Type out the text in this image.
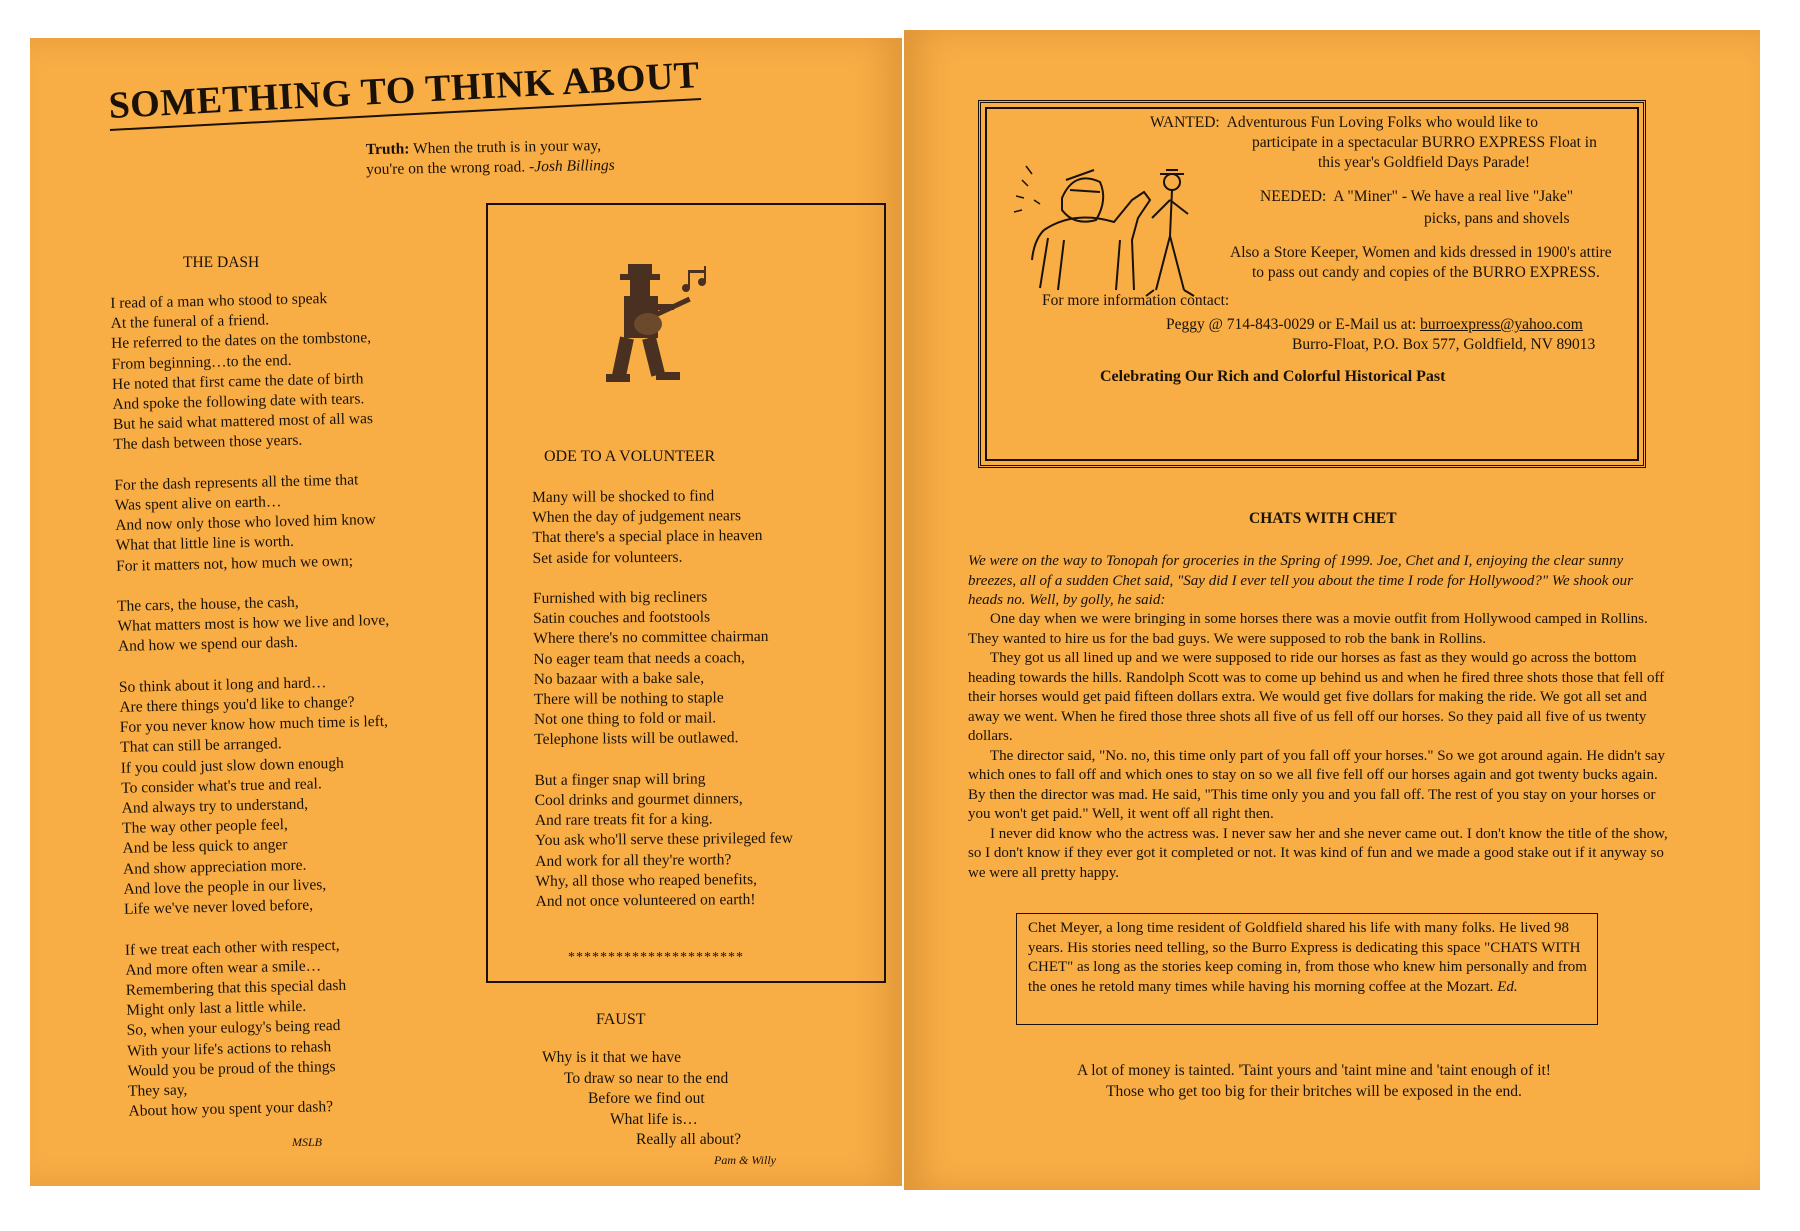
SOMETHING TO THINK ABOUT
Truth: When the truth is in your way,
you're on the wrong road. -Josh Billings
THE DASH
I read of a man who stood to speak
At the funeral of a friend.
He referred to the dates on the tombstone,
From beginning…to the end.
He noted that first came the date of birth
And spoke the following date with tears.
But he said what mattered most of all was
The dash between those years.

For the dash represents all the time that
Was spent alive on earth…
And now only those who loved him know
What that little line is worth.
For it matters not, how much we own;

The cars, the house, the cash,
What matters most is how we live and love,
And how we spend our dash.

So think about it long and hard…
Are there things you'd like to change?
For you never know how much time is left,
That can still be arranged.
If you could just slow down enough
To consider what's true and real.
And always try to understand,
The way other people feel,
And be less quick to anger
And show appreciation more.
And love the people in our lives,
Life we've never loved before,

If we treat each other with respect,
And more often wear a smile…
Remembering that this special dash
Might only last a little while.
So, when your eulogy's being read
With your life's actions to rehash
Would you be proud of the things
They say,
About how you spent your dash?
MSLB
ODE TO A VOLUNTEER
Many will be shocked to find
When the day of judgement nears
That there's a special place in heaven
Set aside for volunteers.

Furnished with big recliners
Satin couches and footstools
Where there's no committee chairman
No eager team that needs a coach,
No bazaar with a bake sale,
There will be nothing to staple
Not one thing to fold or mail.
Telephone lists will be outlawed.

But a finger snap will bring
Cool drinks and gourmet dinners,
And rare treats fit for a king.
You ask who'll serve these privileged few
And work for all they're worth?
Why, all those who reaped benefits,
And not once volunteered on earth!
**********************
FAUST
Why is it that we have
To draw so near to the end
Before we find out
What life is…
Really all about?
Pam & Willy
WANTED: Adventurous Fun Loving Folks who would like to
participate in a spectacular BURRO EXPRESS Float in
this year's Goldfield Days Parade!
NEEDED: A "Miner" - We have a real live "Jake"
picks, pans and shovels
Also a Store Keeper, Women and kids dressed in 1900's attire
to pass out candy and copies of the BURRO EXPRESS.
For more information contact:
Peggy @ 714-843-0029 or E-Mail us at: burroexpress@yahoo.com
Burro-Float, P.O. Box 577, Goldfield, NV 89013
Celebrating Our Rich and Colorful Historical Past
CHATS WITH CHET
We were on the way to Tonopah for groceries in the Spring of 1999. Joe, Chet and I, enjoying the clear sunny breezes, all of a sudden Chet said, "Say did I ever tell you about the time I rode for Hollywood?" We shook our heads no. Well, by golly, he said:

One day when we were bringing in some horses there was a movie outfit from Hollywood camped in Rollins. They wanted to hire us for the bad guys. We were supposed to rob the bank in Rollins.

They got us all lined up and we were supposed to ride our horses as fast as they would go across the bottom heading towards the hills. Randolph Scott was to come up behind us and when he fired three shots those that fell off their horses would get paid fifteen dollars extra. We would get five dollars for making the ride. We got all set and away we went. When he fired those three shots all five of us fell off our horses. So they paid all five of us twenty dollars.

The director said, "No. no, this time only part of you fall off your horses." So we got around again. He didn't say which ones to fall off and which ones to stay on so we all five fell off our horses again and got twenty bucks again. By then the director was mad. He said, "This time only you and you fall off. The rest of you stay on your horses or you won't get paid." Well, it went off all right then.

I never did know who the actress was. I never saw her and she never came out. I don't know the title of the show, so I don't know if they ever got it completed or not. It was kind of fun and we made a good stake out if it anyway so we were all pretty happy.

Chet Meyer, a long time resident of Goldfield shared his life with many folks. He lived 98 years. His stories need telling, so the Burro Express is dedicating this space "CHATS WITH CHET" as long as the stories keep coming in, from those who knew him personally and from the ones he retold many times while having his morning coffee at the Mozart. Ed.
A lot of money is tainted. 'Taint yours and 'taint mine and 'taint enough of it!
Those who get too big for their britches will be exposed in the end.
